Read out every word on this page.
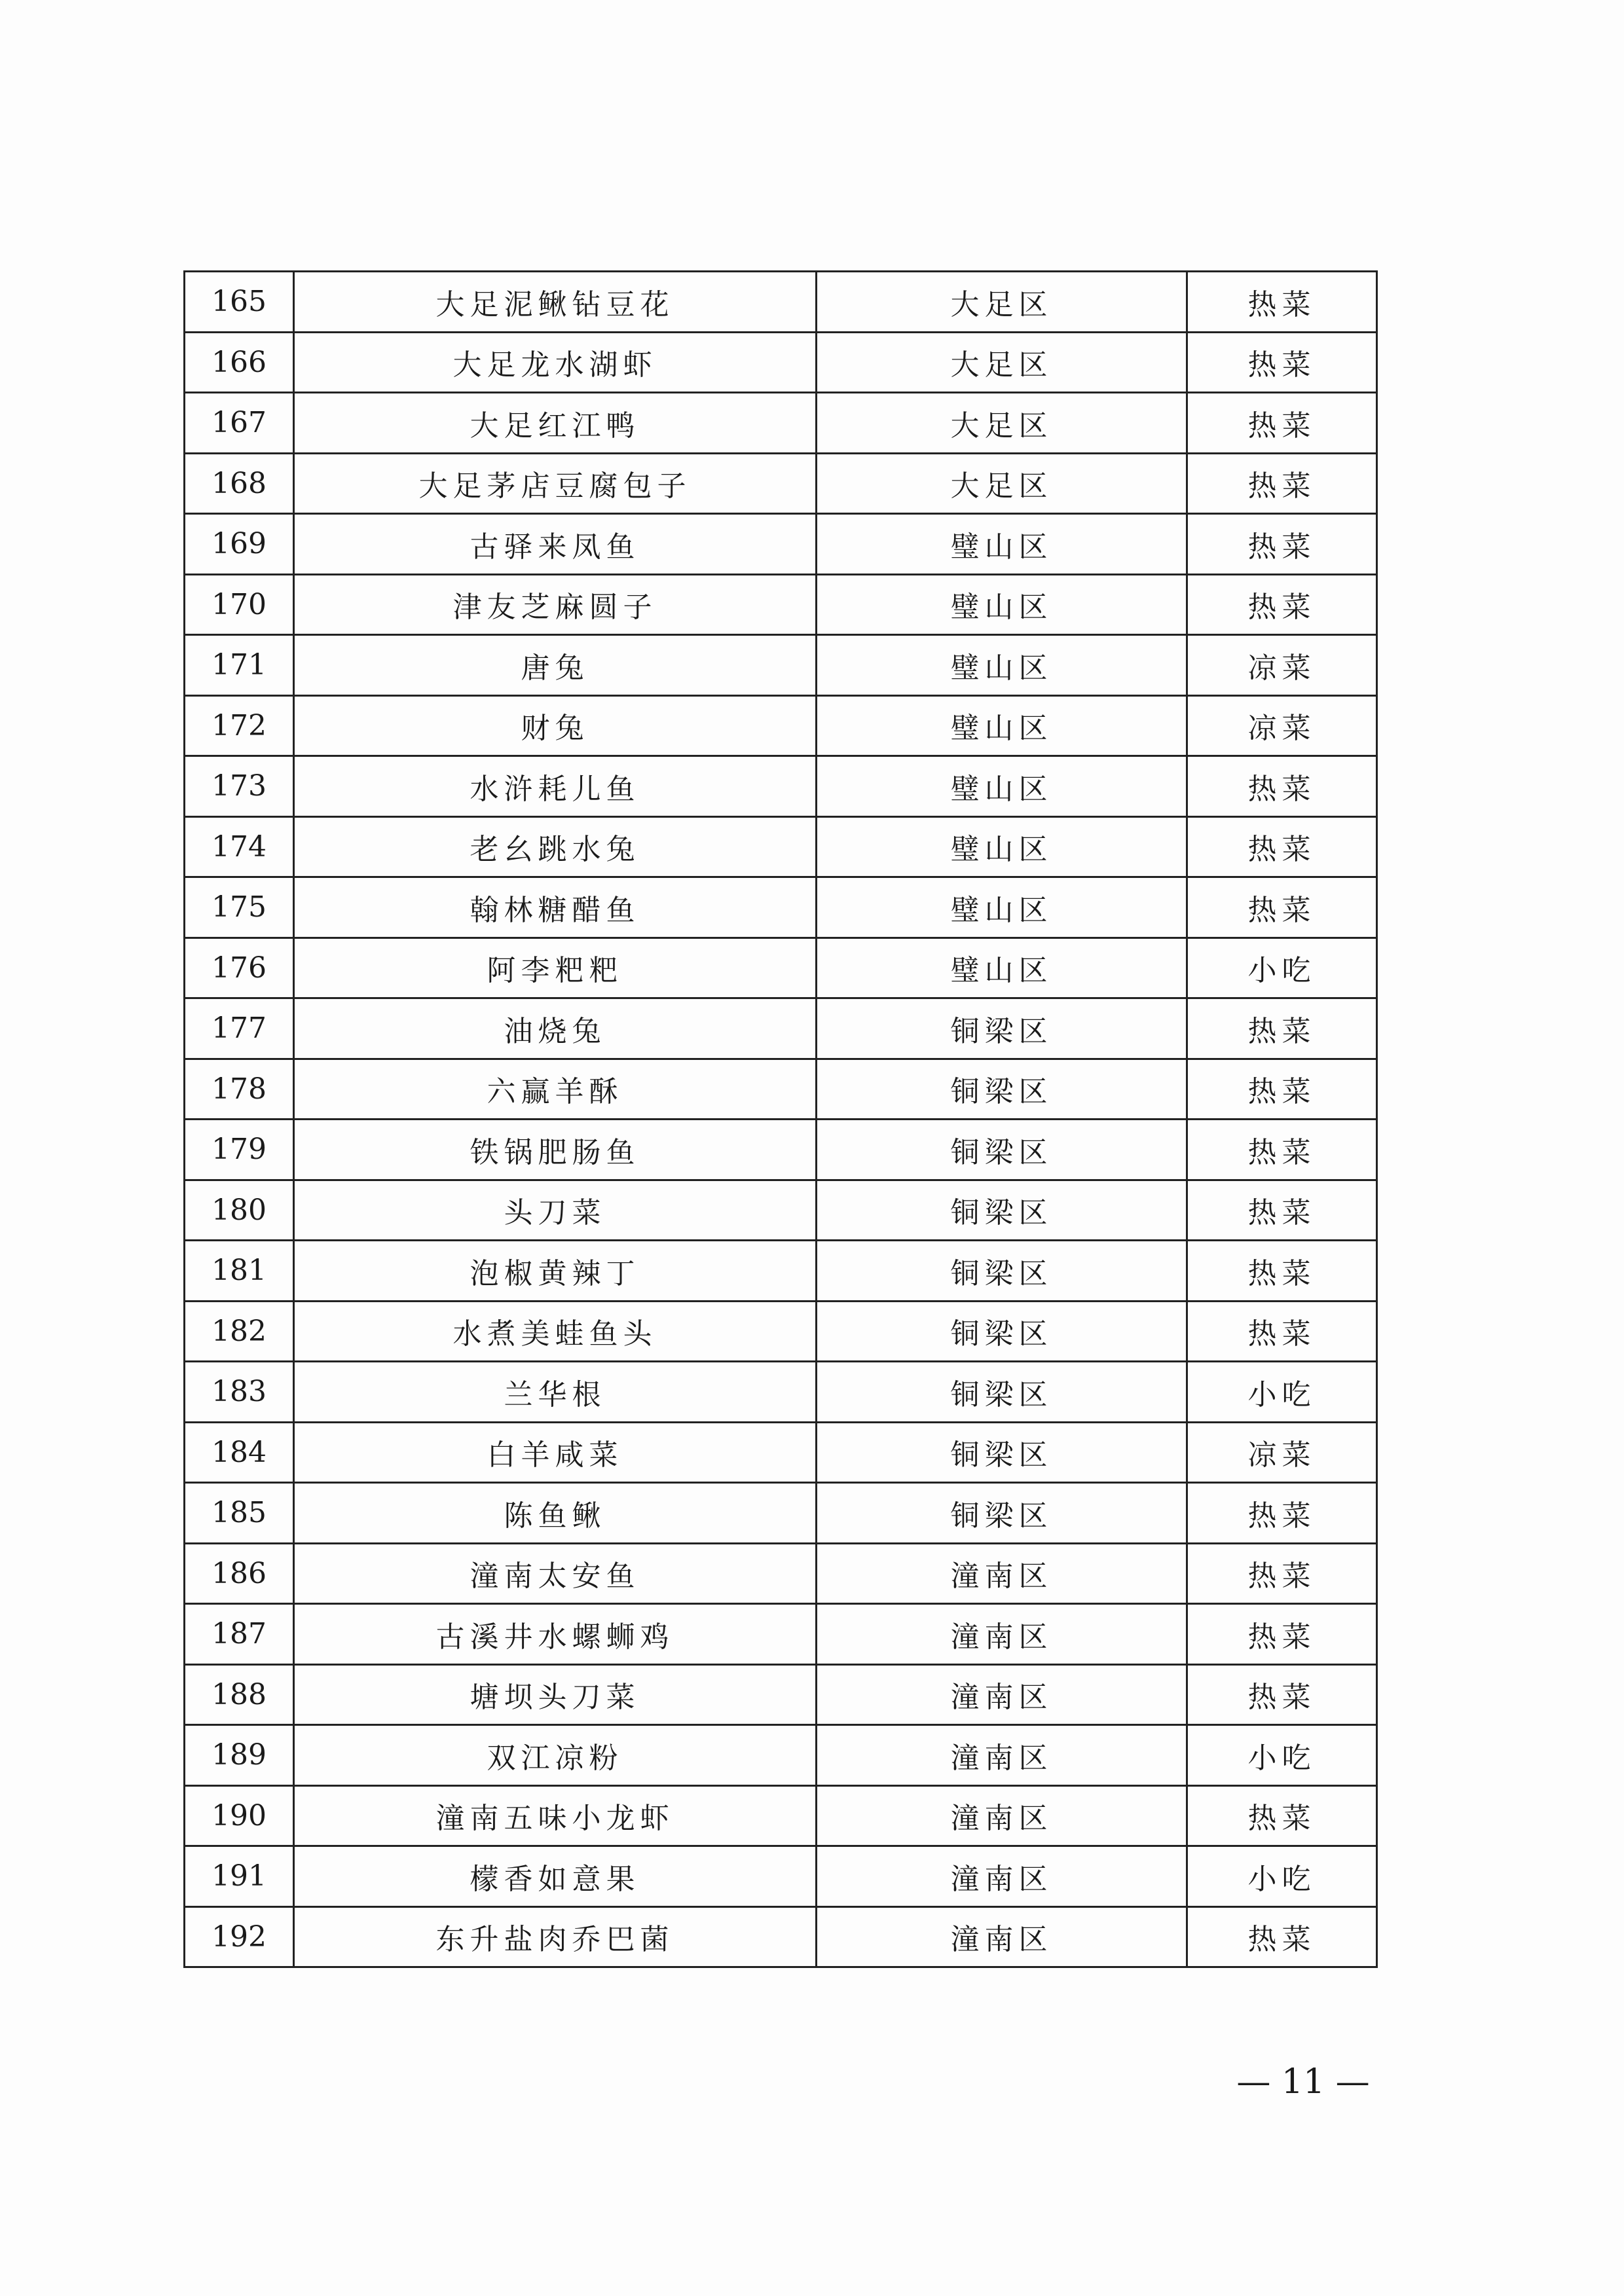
165	大足泥鳅钻豆花	大足区	热菜
166	大足龙水湖虾	大足区	热菜
167	大足红江鸭	大足区	热菜
168	大足茅店豆腐包子	大足区	热菜
169	古驿来凤鱼	璧山区	热菜
170	津友芝麻圆子	璧山区	热菜
171	唐兔	璧山区	凉菜
172	财兔	璧山区	凉菜
173	水浒耗儿鱼	璧山区	热菜
174	老幺跳水兔	璧山区	热菜
175	翰林糖醋鱼	璧山区	热菜
176	阿李粑粑	璧山区	小吃
177	油烧兔	铜梁区	热菜
178	六赢羊酥	铜梁区	热菜
179	铁锅肥肠鱼	铜梁区	热菜
180	头刀菜	铜梁区	热菜
181	泡椒黄辣丁	铜梁区	热菜
182	水煮美蛙鱼头	铜梁区	热菜
183	兰华根	铜梁区	小吃
184	白羊咸菜	铜梁区	凉菜
185	陈鱼鳅	铜梁区	热菜
186	潼南太安鱼	潼南区	热菜
187	古溪井水螺蛳鸡	潼南区	热菜
188	塘坝头刀菜	潼南区	热菜
189	双江凉粉	潼南区	小吃
190	潼南五味小龙虾	潼南区	热菜
191	檬香如意果	潼南区	小吃
192	东升盐肉乔巴菌	潼南区	热菜
— 11 —
